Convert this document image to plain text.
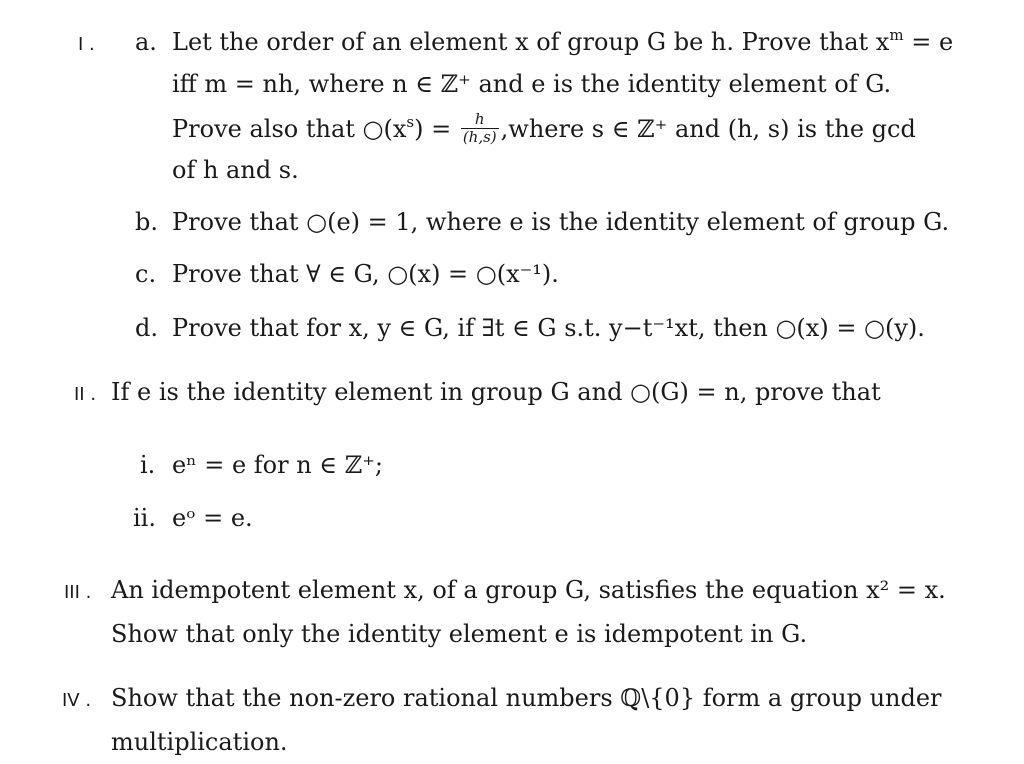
I . a. Let the order of an element x of group G be h. Prove that $x^m = e$
iff m = nh, where n ∈ ℤ⁺ and e is the identity element of G.
Prove also that $○(x^s) = \frac{h}{(h,s)}$ ,where s ∈ ℤ⁺ and (h, s) is the gcd
of h and s.
b. Prove that ○(e) = 1, where e is the identity element of group G.
c. Prove that ∀ ∈ G, ○(x) = ○(x⁻¹).
d. Prove that for x, y ∈ G, if ∃t ∈ G s.t. y−t⁻¹xt, then ○(x) = ○(y).
II . If e is the identity element in group G and ○(G) = n, prove that
i. eⁿ = e for n ∈ ℤ⁺;
ii. eᵒ = e.
III . An idempotent element x, of a group G, satisfies the equation x² = x.
Show that only the identity element e is idempotent in G.
IV . Show that the non-zero rational numbers ℚ\{0} form a group under
multiplication.
